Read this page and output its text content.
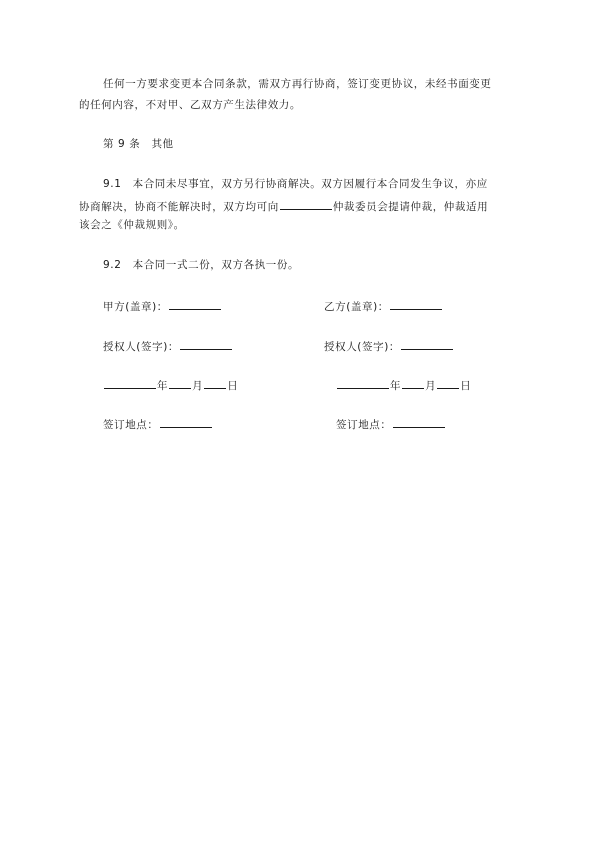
任何一方要求变更本合同条款，需双方再行协商，签订变更协议，未经书面变更
的任何内容，不对甲、乙双方产生法律效力。
第 9 条　其他
9.1　本合同未尽事宜，双方另行协商解决。双方因履行本合同发生争议，亦应
协商解决，协商不能解决时，双方均可向	仲裁委员会提请仲裁，仲裁适用
该会之《仲裁规则》。
9.2　本合同一式二份，双方各执一份。
甲方(盖章)：	乙方(盖章)：
授权人(签字)：	授权人(签字)：
年 月 日	年 月 日
签订地点：	签订地点：
